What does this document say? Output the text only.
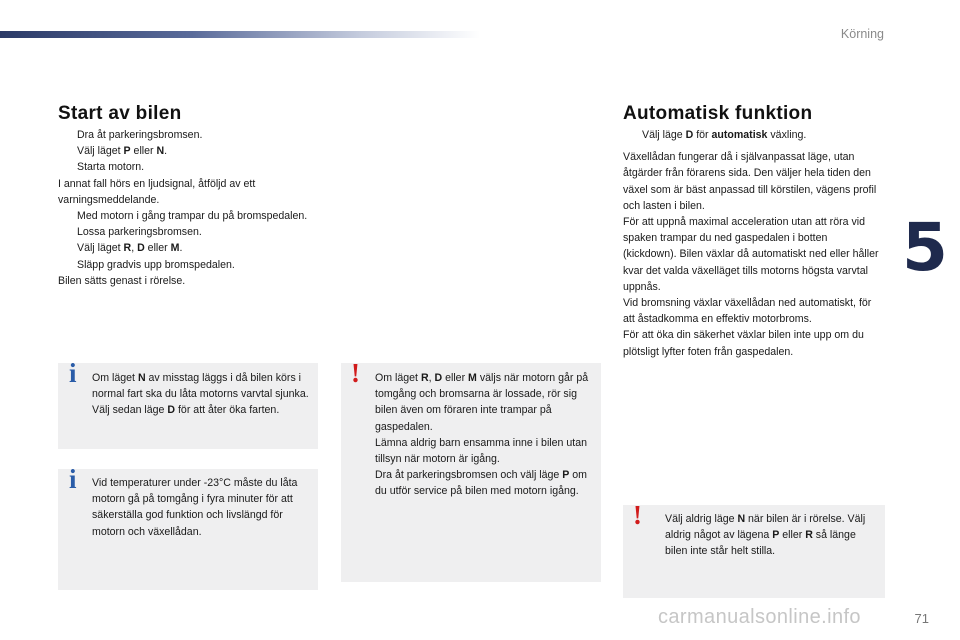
Körning
5
Start av bilen
Dra åt parkeringsbromsen.
Välj läget P eller N.
Starta motorn.

I annat fall hörs en ljudsignal, åtföljd av ett varningsmeddelande.

Med motorn i gång trampar du på bromspedalen.
Lossa parkeringsbromsen.
Välj läget R, D eller M.
Släpp gradvis upp bromspedalen.

Bilen sätts genast i rörelse.

i Om läget N av misstag läggs i då bilen körs i normal fart ska du låta motorns varvtal sjunka. Välj sedan läge D för att åter öka farten.
i Vid temperaturer under -23°C måste du låta motorn gå på tomgång i fyra minuter för att säkerställa god funktion och livslängd för motorn och växellådan.
! Om läget R, D eller M väljs när motorn går på tomgång och bromsarna är lossade, rör sig bilen även om föraren inte trampar på gaspedalen.

Lämna aldrig barn ensamma inne i bilen utan tillsyn när motorn är igång.

Dra åt parkeringsbromsen och välj läge P om du utför service på bilen med motorn igång.

Automatisk funktion
Välj läge D för automatisk växling.

Växellådan fungerar då i självanpassat läge, utan åtgärder från förarens sida. Den väljer hela tiden den växel som är bäst anpassad till körstilen, vägens profil och lasten i bilen.

För att uppnå maximal acceleration utan att röra vid spaken trampar du ned gaspedalen i botten (kickdown). Bilen växlar då automatiskt ned eller håller kvar det valda växelläget tills motorns högsta varvtal uppnås.

Vid bromsning växlar växellådan ned automatiskt, för att åstadkomma en effektiv motorbroms.

För att öka din säkerhet växlar bilen inte upp om du plötsligt lyfter foten från gaspedalen.

! Välj aldrig läge N när bilen är i rörelse. Välj aldrig något av lägena P eller R så länge bilen inte står helt stilla.
carmanualsonline.info	71
